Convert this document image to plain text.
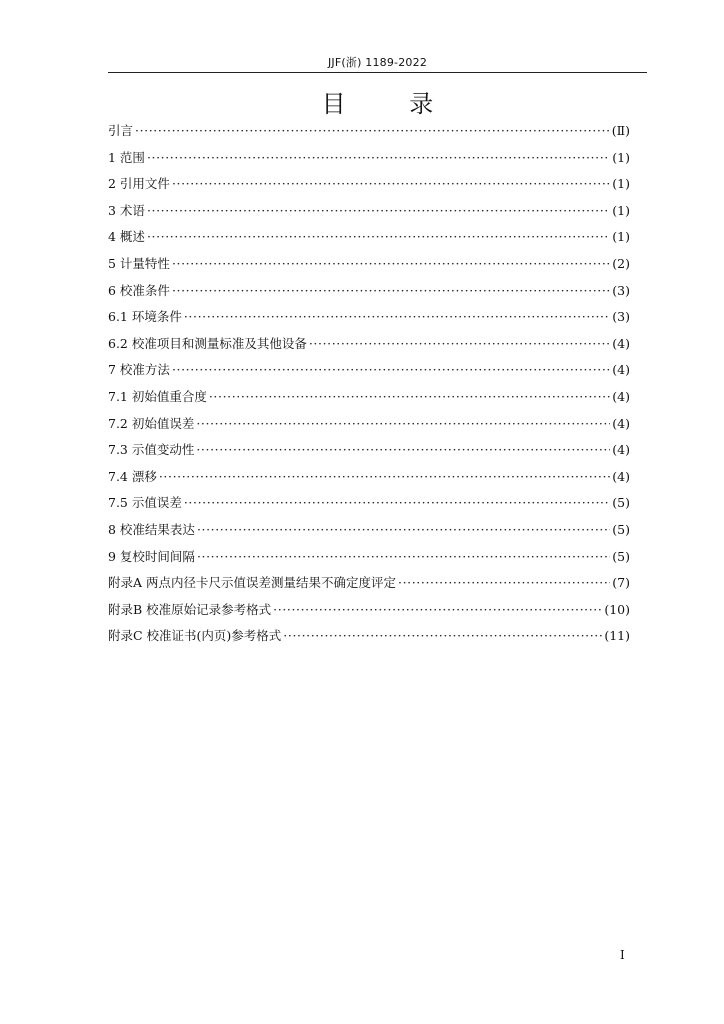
JJF(浙) 1189-2022
目 录
引言 ·····	(Ⅱ)
1 范围 ·····	(1)
2 引用文件 ·····	(1)
3 术语 ·····	(1)
4 概述 ·····	(1)
5 计量特性 ·····	(2)
6 校准条件 ·····	(3)
6.1 环境条件 ·····	(3)
6.2 校准项目和测量标准及其他设备 ·····	(4)
7 校准方法 ·····	(4)
7.1 初始值重合度 ·····	(4)
7.2 初始值误差 ·····	(4)
7.3 示值变动性 ·····	(4)
7.4 漂移 ·····	(4)
7.5 示值误差 ·····	(5)
8 校准结果表达 ·····	(5)
9 复校时间间隔 ·····	(5)
附录A 两点内径卡尺示值误差测量结果不确定度评定 ·····	(7)
附录B 校准原始记录参考格式 ·····	(10)
附录C 校准证书(内页)参考格式 ·····	(11)
I
